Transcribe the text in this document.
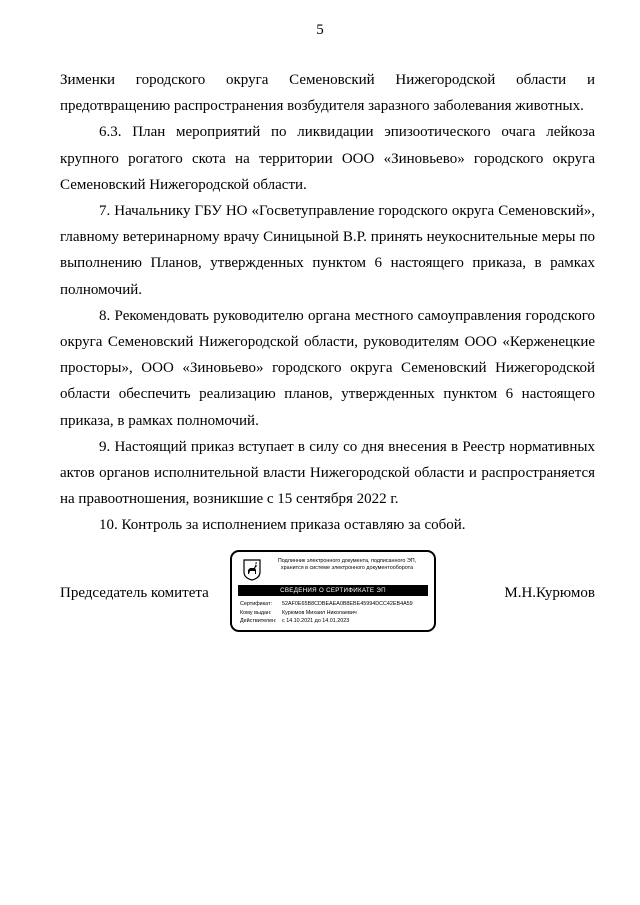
5

Зименки городского округа Семеновский Нижегородской области и предотвращению распространения возбудителя заразного заболевания животных.

6.3. План мероприятий по ликвидации эпизоотического очага лейкоза крупного рогатого скота на территории ООО «Зиновьево» городского округа Семеновский Нижегородской области.

7. Начальнику ГБУ НО «Госветуправление городского округа Семеновский», главному ветеринарному врачу Синицыной В.Р. принять неукоснительные меры по выполнению Планов, утвержденных пунктом 6 настоящего приказа, в рамках полномочий.

8. Рекомендовать руководителю органа местного самоуправления городского округа Семеновский Нижегородской области, руководителям ООО «Керженецкие просторы», ООО «Зиновьево» городского округа Семеновский Нижегородской области обеспечить реализацию планов, утвержденных пунктом 6 настоящего приказа, в рамках полномочий.

9. Настоящий приказ вступает в силу со дня внесения в Реестр нормативных актов органов исполнительной власти Нижегородской области и распространяется на правоотношения, возникшие с 15 сентября 2022 г.

10. Контроль за исполнением приказа оставляю за собой.

Председатель комитета	М.Н.Курюмов
Подлинник электронного документа, подписанного ЭП,
хранится в системе электронного документооборота
СВЕДЕНИЯ О СЕРТИФИКАТЕ ЭП
Сертификат: 52AF0E65B8CDBEAEA0B8EBE45994DCC42EB4A59
Кому выдан: Курюмов Михаил Николаевич
Действителен: с 14.10.2021 до 14.01.2023
